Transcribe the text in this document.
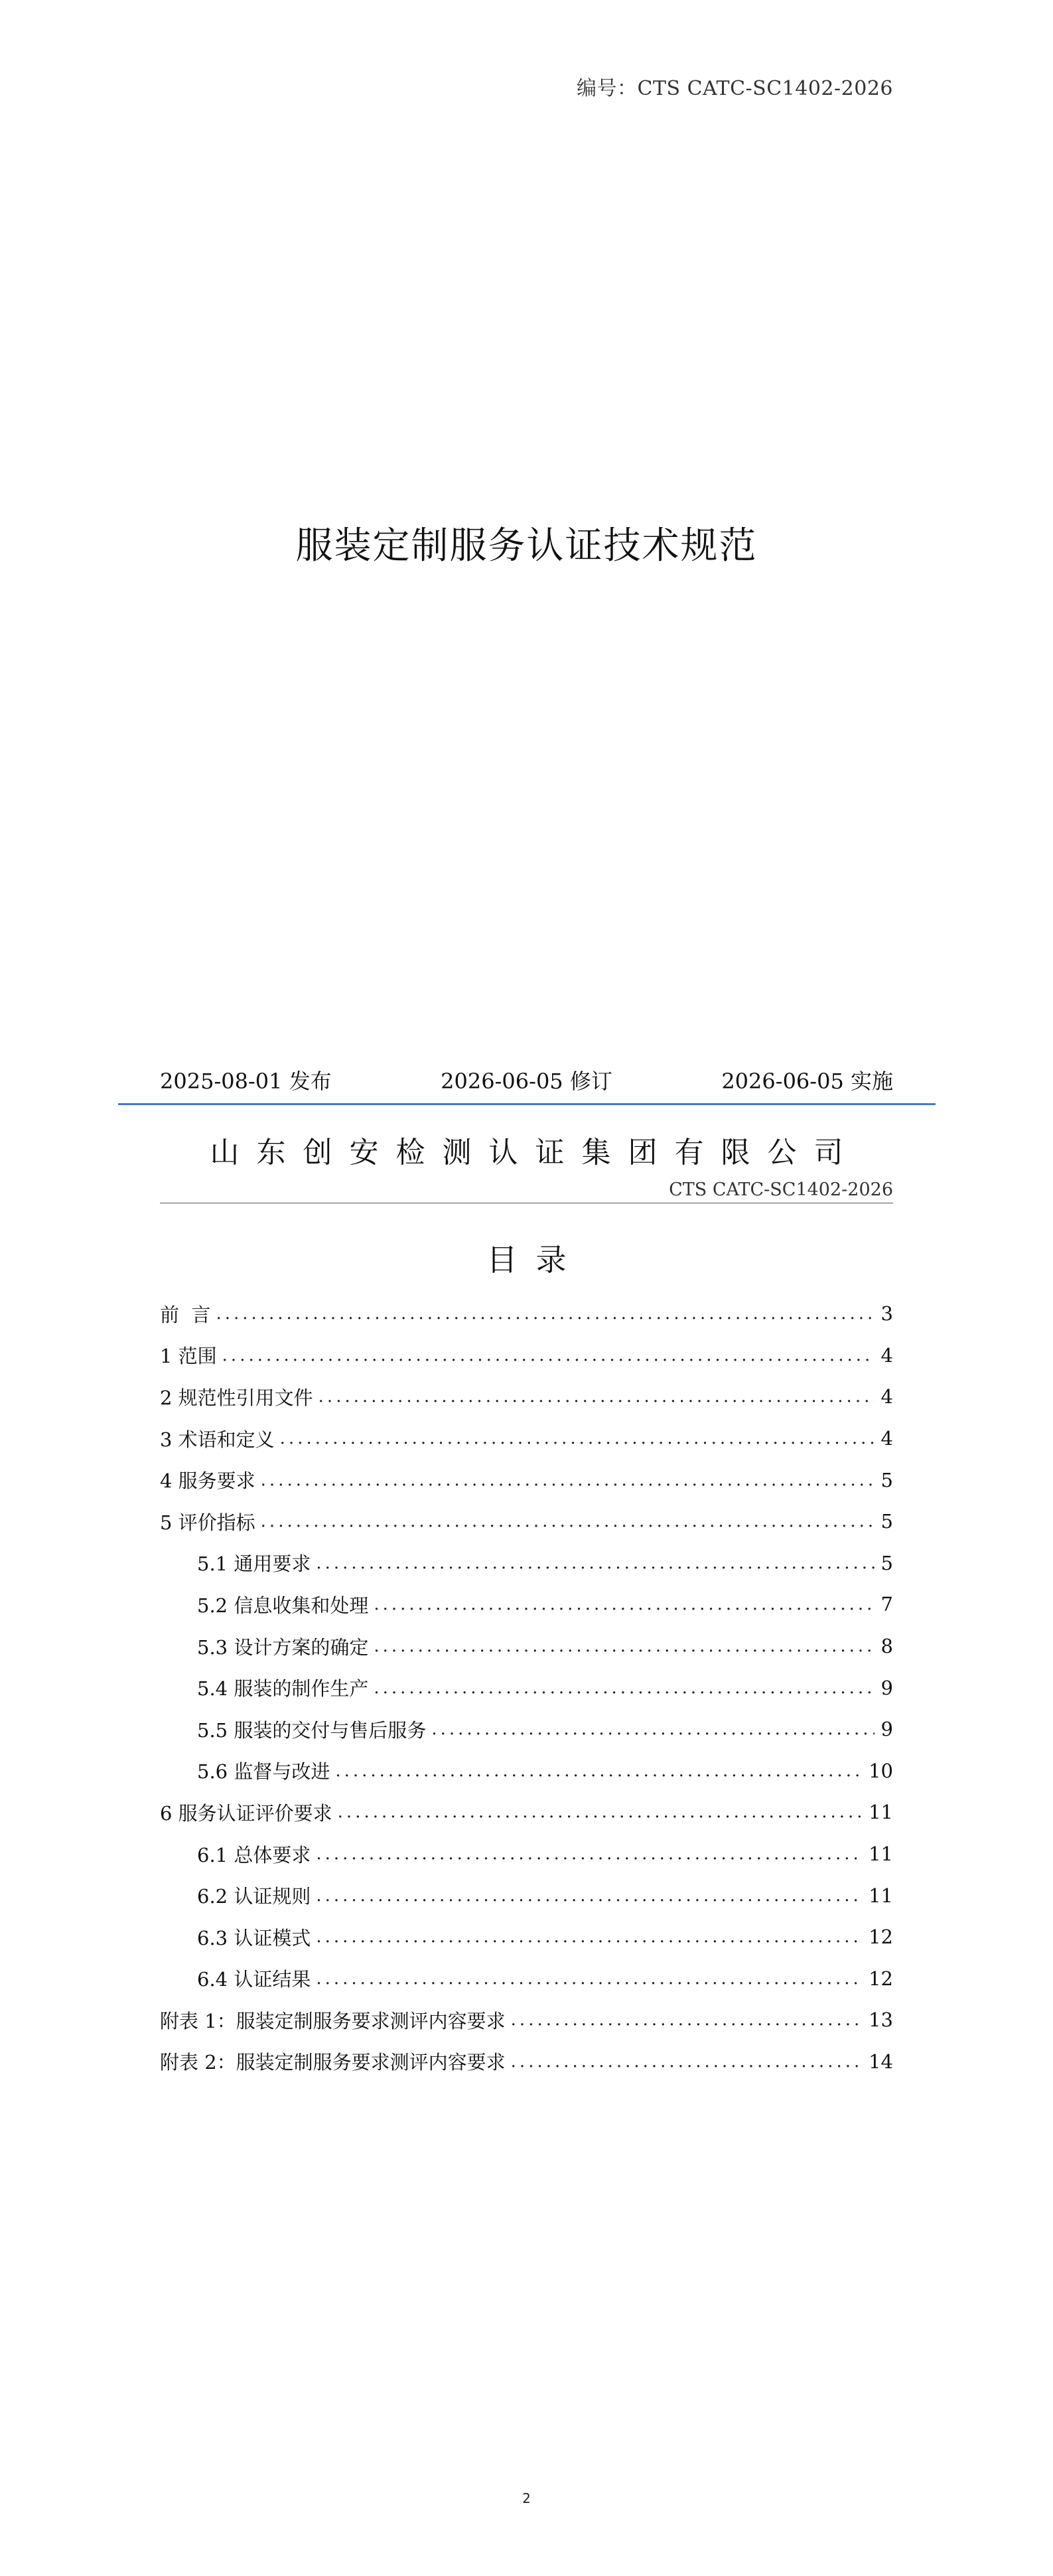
编号：CTS CATC-SC1402-2026
服装定制服务认证技术规范
2025-08-01 发布	2026-06-05 修订	2026-06-05 实施
山东创安检测认证集团有限公司
CTS CATC-SC1402-2026
目录
前  言 .....	3
1 范围 .....	4
2 规范性引用文件 .....	4
3 术语和定义 .....	4
4 服务要求 .....	5
5 评价指标 .....	5
5.1 通用要求 .....	5
5.2 信息收集和处理 .....	7
5.3 设计方案的确定 .....	8
5.4 服装的制作生产 .....	9
5.5 服装的交付与售后服务 .....	9
5.6 监督与改进 .....	10
6 服务认证评价要求 .....	11
6.1 总体要求 .....	11
6.2 认证规则 .....	11
6.3 认证模式 .....	12
6.4 认证结果 .....	12
附表 1：服装定制服务要求测评内容要求 .....	13
附表 2：服装定制服务要求测评内容要求 .....	14
2
